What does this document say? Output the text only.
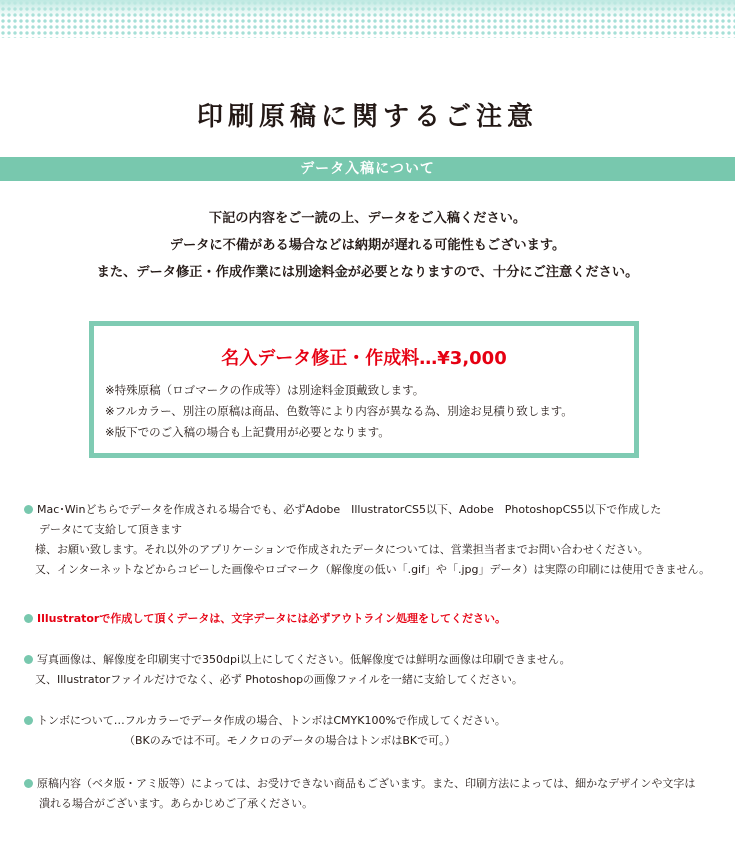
印刷原稿に関するご注意
データ入稿について
下記の内容をご一読の上、データをご入稿ください。
データに不備がある場合などは納期が遅れる可能性もございます。
また、データ修正・作成作業には別途料金が必要となりますので、十分にご注意ください。
名入データ修正・作成料…¥3,000
※特殊原稿（ロゴマークの作成等）は別途料金頂戴致します。
※フルカラー、別注の原稿は商品、色数等により内容が異なる為、別途お見積り致します。
※版下でのご入稿の場合も上記費用が必要となります。
Mac･Winどちらでデータを作成される場合でも、必ずAdobe　IllustratorCS5以下、Adobe　PhotoshopCS5以下で作成した
データにて支給して頂きます
様、お願い致します。それ以外のアプリケーションで作成されたデータについては、営業担当者までお問い合わせください。
又、インターネットなどからコピーした画像やロゴマーク（解像度の低い「.gif」や「.jpg」データ）は実際の印刷には使用できません。
Illustratorで作成して頂くデータは、文字データには必ずアウトライン処理をしてください。
写真画像は、解像度を印刷実寸で350dpi以上にしてください。低解像度では鮮明な画像は印刷できません。
又、Illustratorファイルだけでなく、必ず Photoshopの画像ファイルを一緒に支給してください。
トンボについて…フルカラーでデータ作成の場合、トンボはCMYK100%で作成してください。
（BKのみでは不可。モノクロのデータの場合はトンボはBKで可。）
原稿内容（ベタ版・アミ版等）によっては、お受けできない商品もございます。また、印刷方法によっては、細かなデザインや文字は
潰れる場合がございます。あらかじめご了承ください。
